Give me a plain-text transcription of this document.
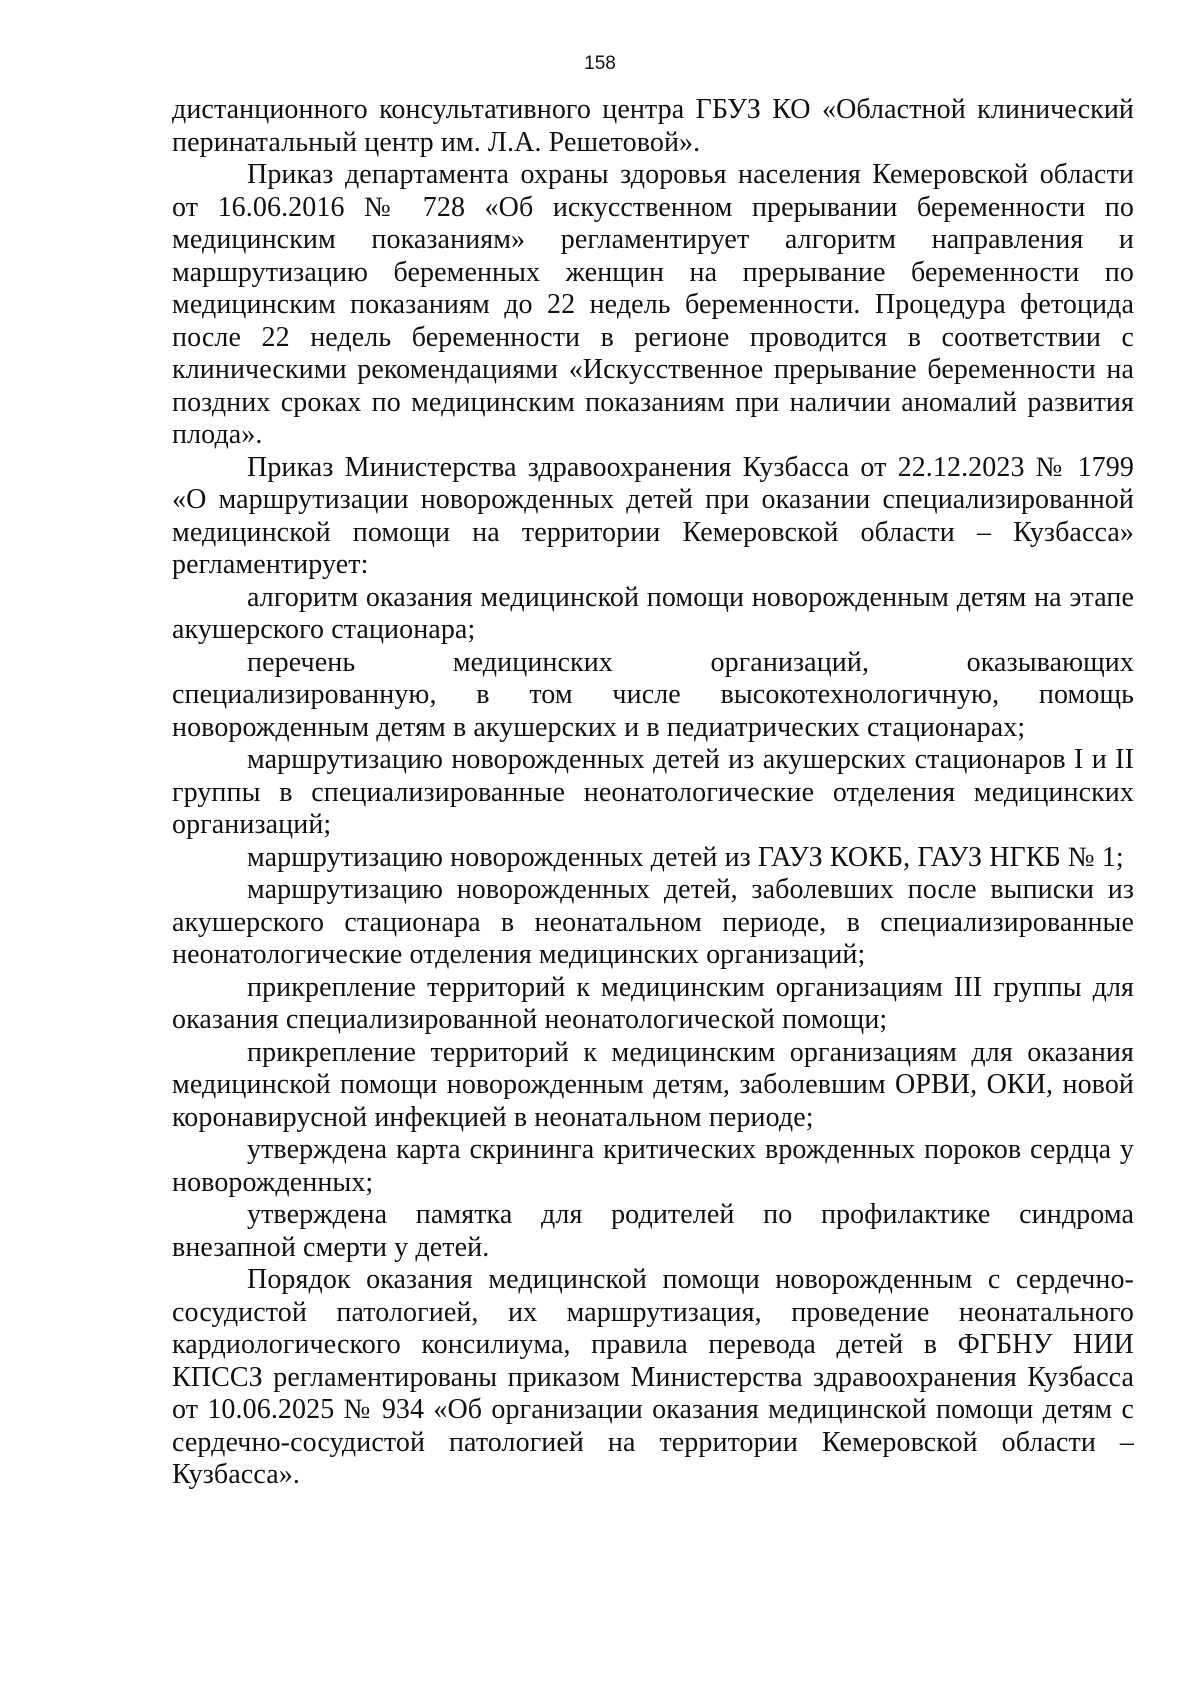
158

дистанционного консультативного центра ГБУЗ КО «Областной клинический перинатальный центр им. Л.А. Решетовой».

Приказ департамента охраны здоровья населения Кемеровской области от 16.06.2016 № 728 «Об искусственном прерывании беременности по медицинским показаниям» регламентирует алгоритм направления и маршрутизацию беременных женщин на прерывание беременности по медицинским показаниям до 22 недель беременности. Процедура фетоцида после 22 недель беременности в регионе проводится в соответствии с клиническими рекомендациями «Искусственное прерывание беременности на поздних сроках по медицинским показаниям при наличии аномалий развития плода».

Приказ Министерства здравоохранения Кузбасса от 22.12.2023 № 1799 «О маршрутизации новорожденных детей при оказании специализированной медицинской помощи на территории Кемеровской области – Кузбасса» регламентирует:

алгоритм оказания медицинской помощи новорожденным детям на этапе акушерского стационара;

перечень медицинских организаций, оказывающих специализированную, в том числе высокотехнологичную, помощь новорожденным детям в акушерских и в педиатрических стационарах;

маршрутизацию новорожденных детей из акушерских стационаров I и II группы в специализированные неонатологические отделения медицинских организаций;

маршрутизацию новорожденных детей из ГАУЗ КОКБ, ГАУЗ НГКБ № 1;

маршрутизацию новорожденных детей, заболевших после выписки из акушерского стационара в неонатальном периоде, в специализированные неонатологические отделения медицинских организаций;

прикрепление территорий к медицинским организациям III группы для оказания специализированной неонатологической помощи;

прикрепление территорий к медицинским организациям для оказания медицинской помощи новорожденным детям, заболевшим ОРВИ, ОКИ, новой коронавирусной инфекцией в неонатальном периоде;

утверждена карта скрининга критических врожденных пороков сердца у новорожденных;

утверждена памятка для родителей по профилактике синдрома внезапной смерти у детей.

Порядок оказания медицинской помощи новорожденным с сердечно-сосудистой патологией, их маршрутизация, проведение неонатального кардиологического консилиума, правила перевода детей в ФГБНУ НИИ КПССЗ регламентированы приказом Министерства здравоохранения Кузбасса от 10.06.2025 № 934 «Об организации оказания медицинской помощи детям с сердечно-сосудистой патологией на территории Кемеровской области – Кузбасса».
